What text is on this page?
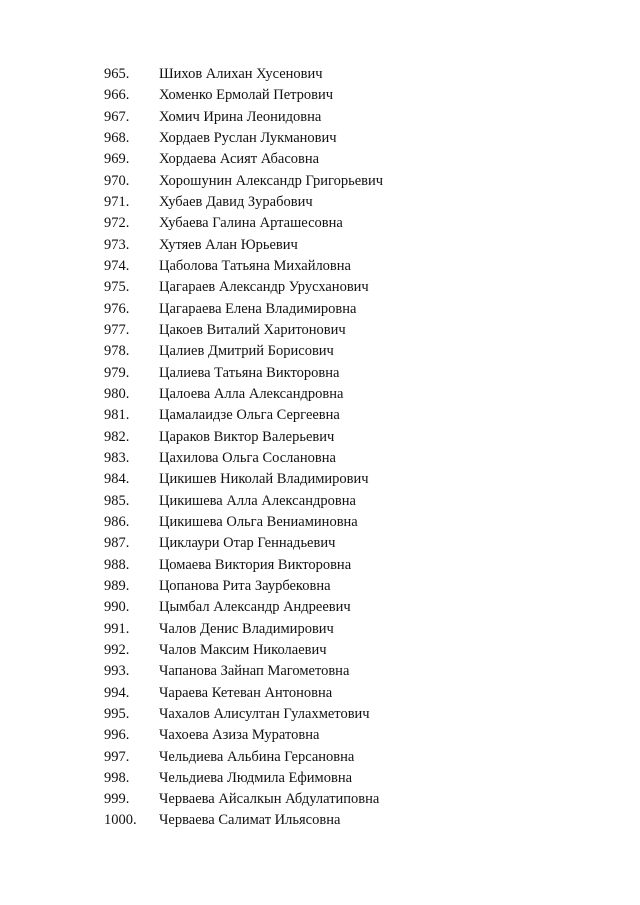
965.	Шихов Алихан Хусенович
966.	Хоменко Ермолай Петрович
967.	Хомич Ирина Леонидовна
968.	Хордаев Руслан Лукманович
969.	Хордаева Асият Абасовна
970.	Хорошунин Александр Григорьевич
971.	Хубаев Давид Зурабович
972.	Хубаева Галина Арташесовна
973.	Хутяев Алан Юрьевич
974.	Цаболова Татьяна Михайловна
975.	Цагараев Александр Урусханович
976.	Цагараева Елена Владимировна
977.	Цакоев Виталий Харитонович
978.	Цалиев Дмитрий Борисович
979.	Цалиева Татьяна Викторовна
980.	Цалоева Алла Александровна
981.	Цамалаидзе Ольга Сергеевна
982.	Цараков Виктор Валерьевич
983.	Цахилова Ольга Сослановна
984.	Цикишев Николай Владимирович
985.	Цикишева Алла Александровна
986.	Цикишева Ольга Вениаминовна
987.	Циклаури Отар Геннадьевич
988.	Цомаева Виктория Викторовна
989.	Цопанова Рита Заурбековна
990.	Цымбал Александр Андреевич
991.	Чалов Денис Владимирович
992.	Чалов Максим Николаевич
993.	Чапанова Зайнап Магометовна
994.	Чараева Кетеван Антоновна
995.	Чахалов Алисултан Гулахметович
996.	Чахоева Азиза Муратовна
997.	Чельдиева Альбина Герсановна
998.	Чельдиева Людмила Ефимовна
999.	Черваева Айсалкын Абдулатиповна
1000.	Черваева Салимат Ильясовна
